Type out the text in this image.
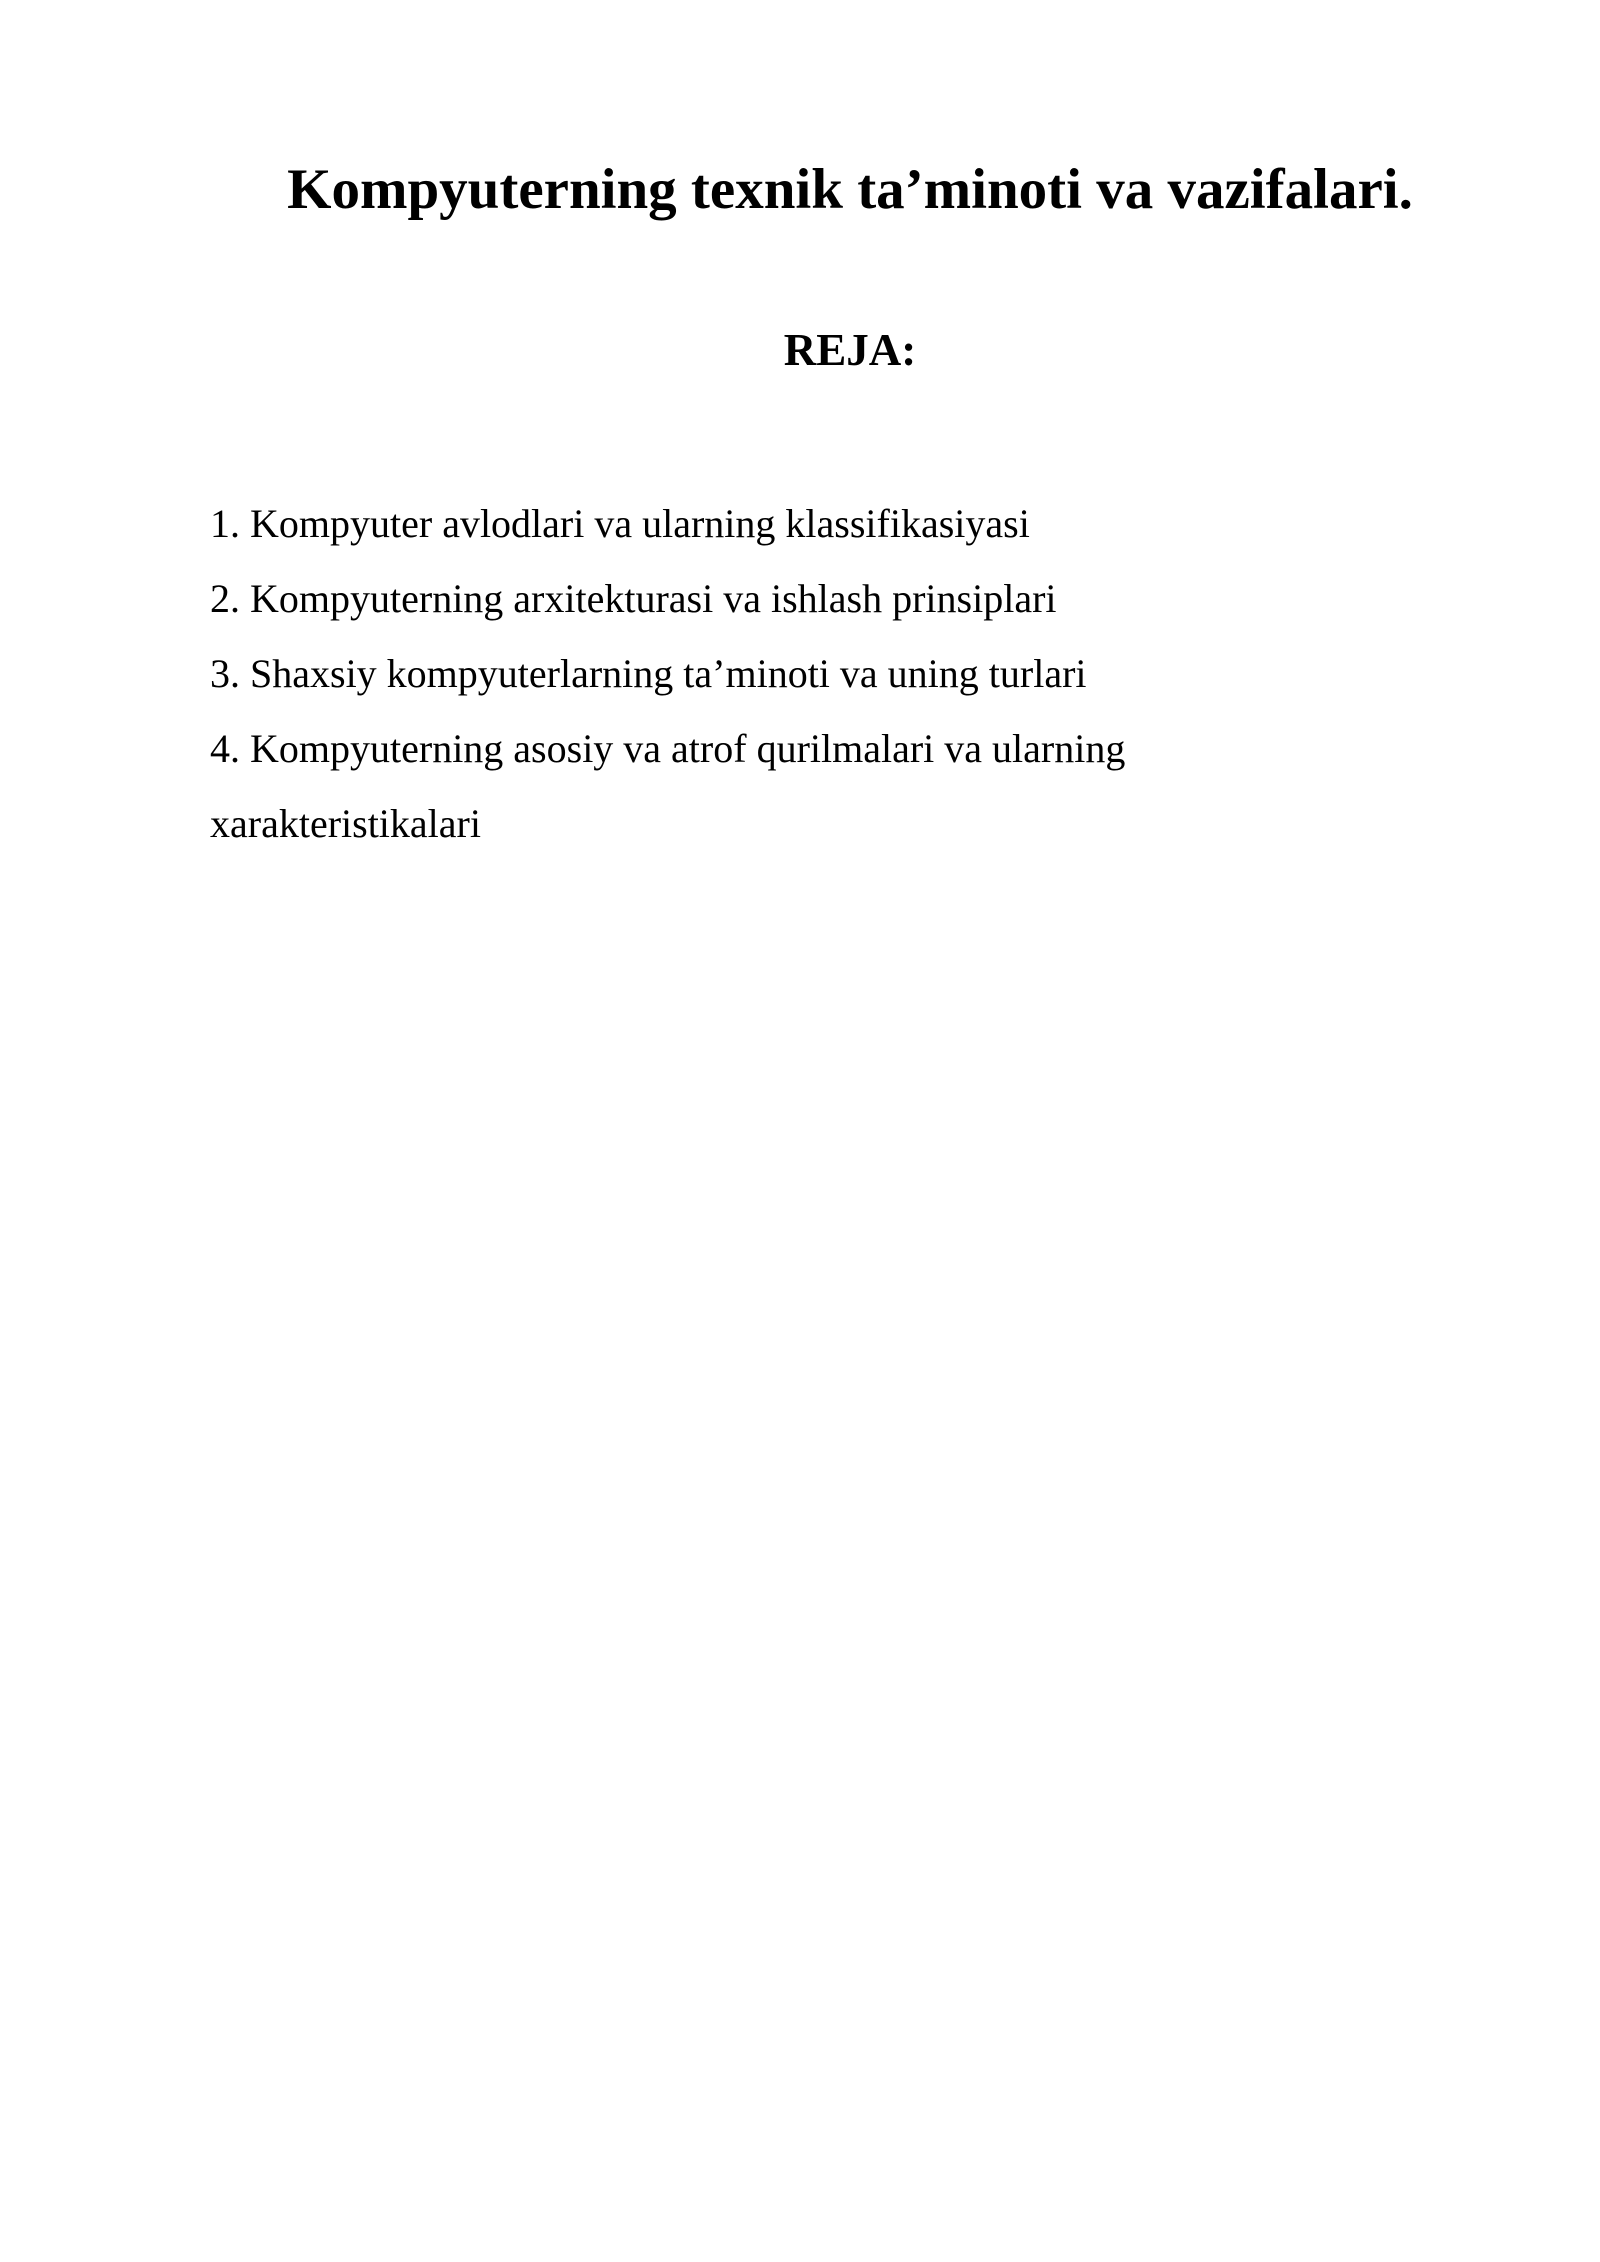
Kompyuterning texnik ta’minoti va vazifalari.
REJA:
1. Kompyuter avlodlari va ularning klassifikasiyasi
2. Kompyuterning arxitekturasi va ishlash prinsiplari
3. Shaxsiy kompyuterlarning ta’minoti va uning turlari
4. Kompyuterning asosiy va atrof qurilmalari va ularning
xarakteristikalari
